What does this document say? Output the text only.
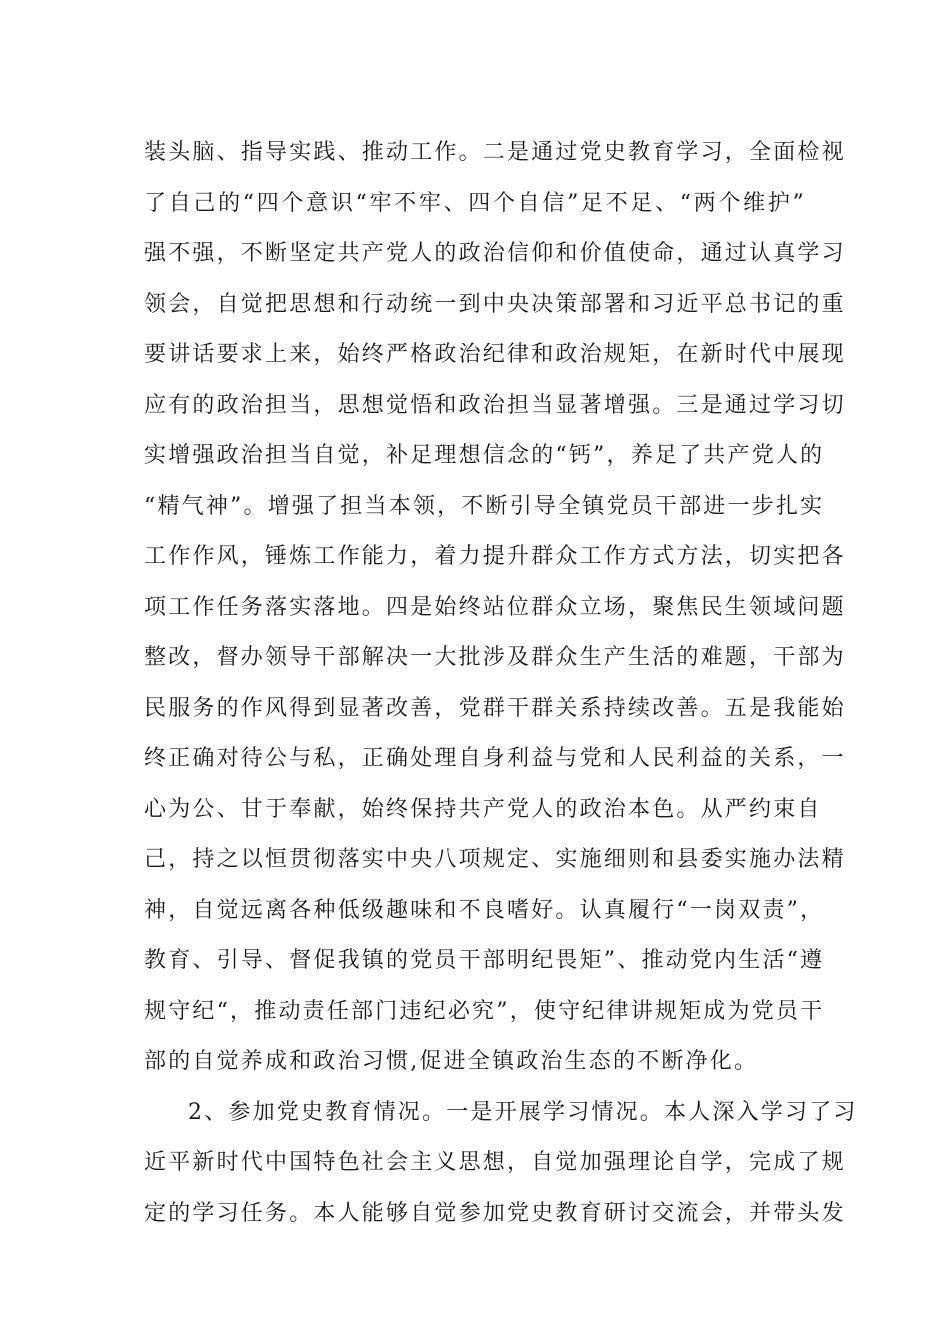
装头脑、指导实践、推动工作。二是通过党史教育学习，全面检视
了自己的“四个意识“牢不牢、四个自信”足不足、“两个维护”
强不强，不断坚定共产党人的政治信仰和价值使命，通过认真学习
领会，自觉把思想和行动统一到中央决策部署和习近平总书记的重
要讲话要求上来，始终严格政治纪律和政治规矩，在新时代中展现
应有的政治担当，思想觉悟和政治担当显著增强。三是通过学习切
实增强政治担当自觉，补足理想信念的“钙”，养足了共产党人的
“精气神”。增强了担当本领，不断引导全镇党员干部进一步扎实
工作作风，锤炼工作能力，着力提升群众工作方式方法，切实把各
项工作任务落实落地。四是始终站位群众立场，聚焦民生领域问题
整改，督办领导干部解决一大批涉及群众生产生活的难题，干部为
民服务的作风得到显著改善，党群干群关系持续改善。五是我能始
终正确对待公与私，正确处理自身利益与党和人民利益的关系，一
心为公、甘于奉献，始终保持共产党人的政治本色。从严约束自
己，持之以恒贯彻落实中央八项规定、实施细则和县委实施办法精
神，自觉远离各种低级趣味和不良嗜好。认真履行“一岗双责”，
教育、引导、督促我镇的党员干部明纪畏矩”、推动党内生活“遵
规守纪“，推动责任部门违纪必究”，使守纪律讲规矩成为党员干
部的自觉养成和政治习惯,促进全镇政治生态的不断净化。
2、参加党史教育情况。一是开展学习情况。本人深入学习了习
近平新时代中国特色社会主义思想，自觉加强理论自学，完成了规
定的学习任务。本人能够自觉参加党史教育研讨交流会，并带头发
